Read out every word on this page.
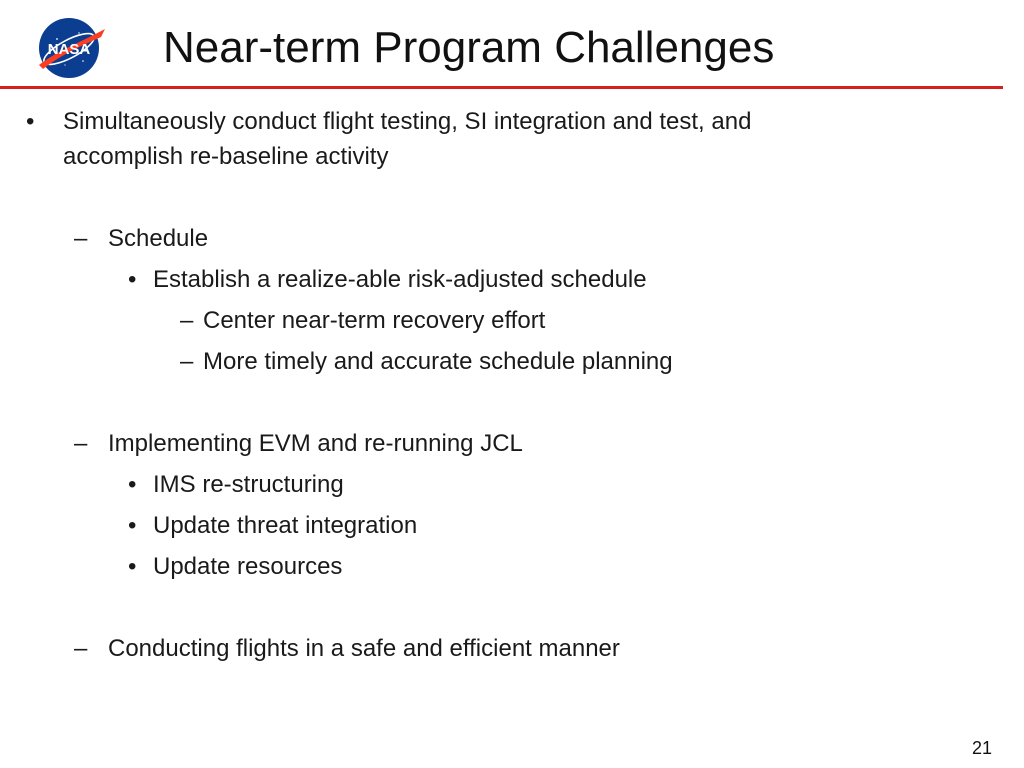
NASA Near-term Program Challenges
• Simultaneously conduct flight testing, SI integration and test, and
accomplish re-baseline activity
– Schedule
• Establish a realize-able risk-adjusted schedule
– Center near-term recovery effort
– More timely and accurate schedule planning
– Implementing EVM and re-running JCL
• IMS re-structuring
• Update threat integration
• Update resources
– Conducting flights in a safe and efficient manner
21
